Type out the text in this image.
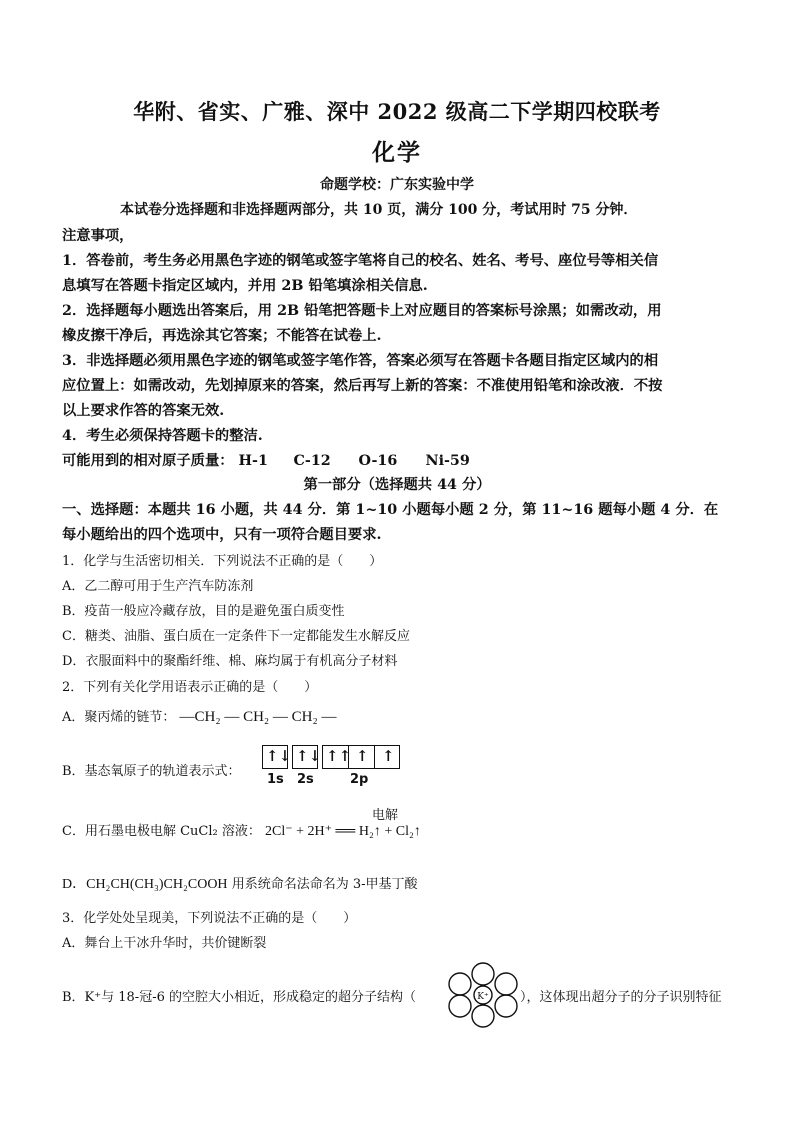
华附、省实、广雅、深中 2022 级高二下学期四校联考
化学
命题学校：广东实验中学
本试卷分选择题和非选择题两部分，共 10 页，满分 100 分，考试用时 75 分钟．
注意事项，
1．答卷前，考生务必用黑色字迹的钢笔或签字笔将自己的校名、姓名、考号、座位号等相关信
息填写在答题卡指定区域内，并用 2B 铅笔填涂相关信息.
2．选择题每小题选出答案后，用 2B 铅笔把答题卡上对应题目的答案标号涂黑；如需改动，用
橡皮擦干净后，再选涂其它答案；不能答在试卷上.
3．非选择题必须用黑色字迹的钢笔或签字笔作答，答案必须写在答题卡各题目指定区域内的相
应位置上：如需改动，先划掉原来的答案，然后再写上新的答案：不准使用铅笔和涂改液．不按
以上要求作答的答案无效.
4．考生必须保持答题卡的整洁.
可能用到的相对原子质量： H-1 C-12 O-16 Ni-59
第一部分（选择题共 44 分）
一、选择题：本题共 16 小题，共 44 分．第 1~10 小题每小题 2 分，第 11~16 题每小题 4 分．在
每小题给出的四个选项中，只有一项符合题目要求.
1．化学与生活密切相关．下列说法不正确的是（　　）
A．乙二醇可用于生产汽车防冻剂
B．疫苗一般应冷藏存放，目的是避免蛋白质变性
C．糖类、油脂、蛋白质在一定条件下一定都能发生水解反应
D．衣服面料中的聚酯纤维、棉、麻均属于有机高分子材料
2．下列有关化学用语表示正确的是（　　）
A．聚丙烯的链节： —CH₂ — CH₂ — CH₂ —
B．基态氧原子的轨道表示式：
↑↓ ↑↓ ↑↑ ↑ ↑
1s 2s	2p
C．用石墨电极电解 CuCl₂ 溶液： 2Cl⁻ + 2H⁺ ══ H₂↑ + Cl₂↑
电解
D．CH₂CH(CH₃)CH₂COOH 用系统命名法命名为 3-甲基丁酸
3．化学处处呈现美，下列说法不正确的是（　　）
A．舞台上干冰升华时，共价键断裂
B．K⁺与 18-冠-6 的空腔大小相近，形成稳定的超分子结构（	K⁺ ），这体现出超分子的分子识别特征
